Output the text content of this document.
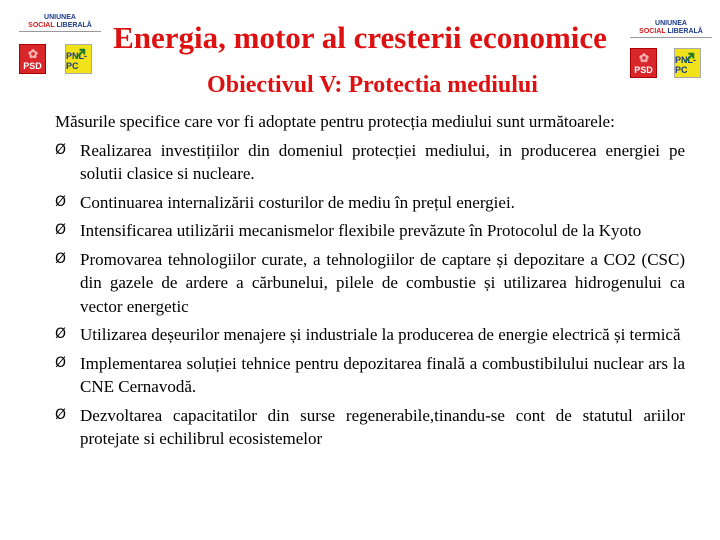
UNIUNEA
SOCIAL LIBERALĂ
✿ PSD
↗ PNL-PC
UNIUNEA
SOCIAL LIBERALĂ
✿ PSD
↗ PNL-PC
Energia, motor al cresterii economice
Obiectivul V: Protectia mediului

Măsurile specifice care vor fi adoptate pentru protecția mediului sunt următoarele:

Ø Realizarea investițiilor din domeniul protecției mediului, in producerea energiei pe solutii clasice si nucleare.
Ø Continuarea internalizării costurilor de mediu în prețul energiei.
Ø Intensificarea utilizării mecanismelor flexibile prevăzute în Protocolul de la Kyoto
Ø Promovarea tehnologiilor curate, a tehnologiilor de captare și depozitare a CO2 (CSC) din gazele de ardere a cărbunelui, pilele de combustie și utilizarea hidrogenului ca vector energetic
Ø Utilizarea deșeurilor menajere și industriale la producerea de energie electrică și termică
Ø Implementarea soluției tehnice pentru depozitarea finală a combustibilului nuclear ars la CNE Cernavodă.
Ø Dezvoltarea capacitatilor din surse regenerabile,tinandu-se cont de statutul ariilor protejate si echilibrul ecosistemelor
